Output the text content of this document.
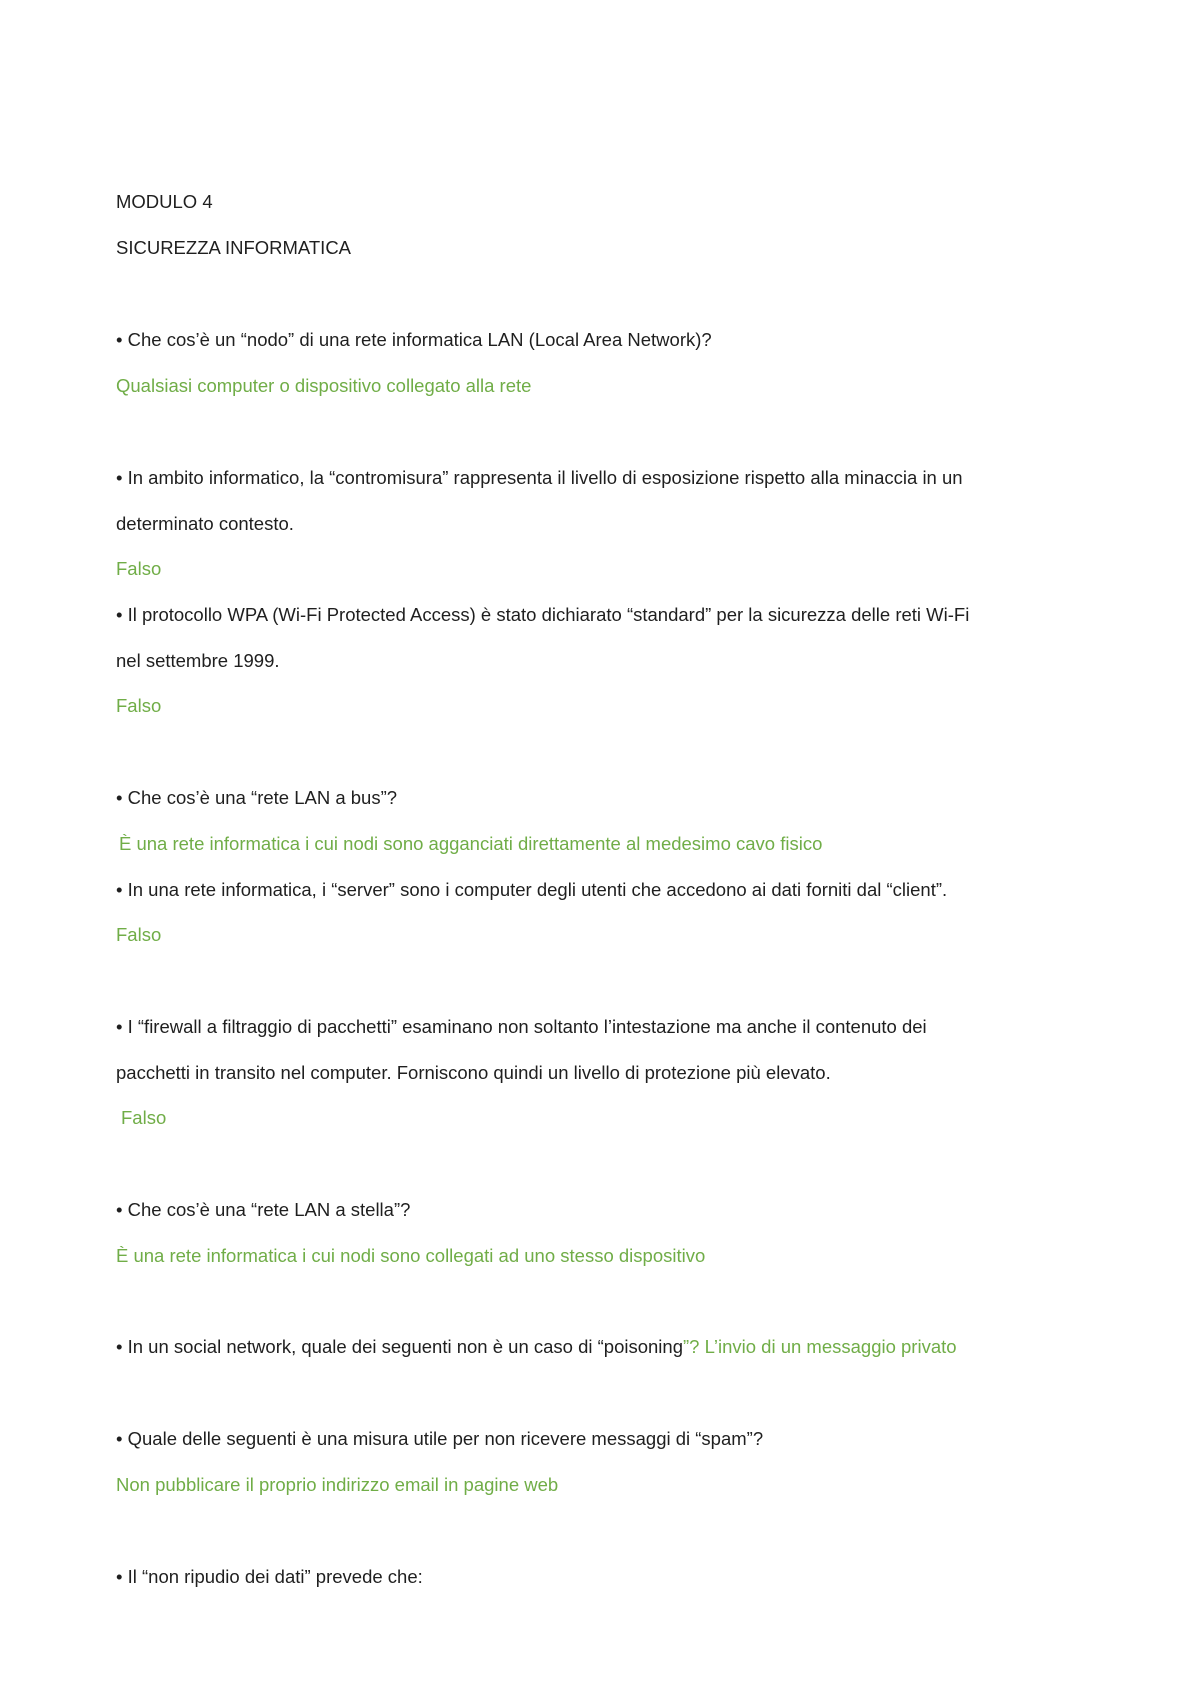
MODULO 4
SICUREZZA INFORMATICA
• Che cos’è un “nodo” di una rete informatica LAN (Local Area Network)?
Qualsiasi computer o dispositivo collegato alla rete
• In ambito informatico, la “contromisura” rappresenta il livello di esposizione rispetto alla minaccia in un
determinato contesto.
Falso
• Il protocollo WPA (Wi-Fi Protected Access) è stato dichiarato “standard” per la sicurezza delle reti Wi-Fi
nel settembre 1999.
Falso
• Che cos’è una “rete LAN a bus”?
È una rete informatica i cui nodi sono agganciati direttamente al medesimo cavo fisico
• In una rete informatica, i “server” sono i computer degli utenti che accedono ai dati forniti dal “client”.
Falso
• I “firewall a filtraggio di pacchetti” esaminano non soltanto l’intestazione ma anche il contenuto dei
pacchetti in transito nel computer. Forniscono quindi un livello di protezione più elevato.
Falso
• Che cos’è una “rete LAN a stella”?
È una rete informatica i cui nodi sono collegati ad uno stesso dispositivo
• In un social network, quale dei seguenti non è un caso di “poisoning”? L’invio di un messaggio privato
• Quale delle seguenti è una misura utile per non ricevere messaggi di “spam”?
Non pubblicare il proprio indirizzo email in pagine web
• Il “non ripudio dei dati” prevede che:
